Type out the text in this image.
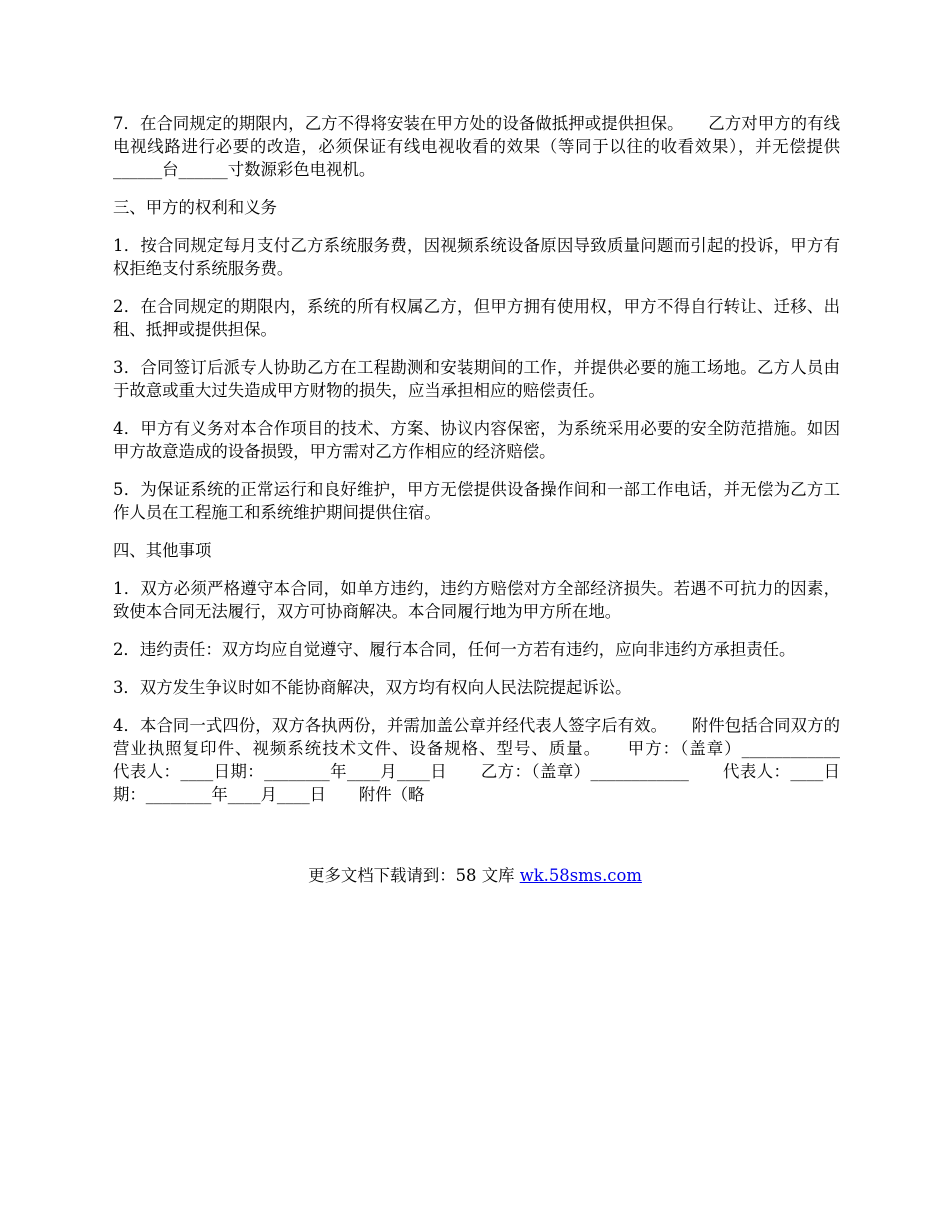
7．在合同规定的期限内，乙方不得将安装在甲方处的设备做抵押或提供担保。　　乙方对甲方的有线电视线路进行必要的改造，必须保证有线电视收看的效果（等同于以往的收看效果），并无偿提供______台______寸数源彩色电视机。

三、甲方的权利和义务

1．按合同规定每月支付乙方系统服务费，因视频系统设备原因导致质量问题而引起的投诉，甲方有权拒绝支付系统服务费。

2．在合同规定的期限内，系统的所有权属乙方，但甲方拥有使用权，甲方不得自行转让、迁移、出租、抵押或提供担保。

3．合同签订后派专人协助乙方在工程勘测和安装期间的工作，并提供必要的施工场地。乙方人员由于故意或重大过失造成甲方财物的损失，应当承担相应的赔偿责任。

4．甲方有义务对本合作项目的技术、方案、协议内容保密，为系统采用必要的安全防范措施。如因甲方故意造成的设备损毁，甲方需对乙方作相应的经济赔偿。

5．为保证系统的正常运行和良好维护，甲方无偿提供设备操作间和一部工作电话，并无偿为乙方工作人员在工程施工和系统维护期间提供住宿。

四、其他事项

1．双方必须严格遵守本合同，如单方违约，违约方赔偿对方全部经济损失。若遇不可抗力的因素，致使本合同无法履行，双方可协商解决。本合同履行地为甲方所在地。

2．违约责任：双方均应自觉遵守、履行本合同，任何一方若有违约，应向非违约方承担责任。

3．双方发生争议时如不能协商解决，双方均有权向人民法院提起诉讼。

4．本合同一式四份，双方各执两份，并需加盖公章并经代表人签字后有效。　　附件包括合同双方的营业执照复印件、视频系统技术文件、设备规格、型号、质量。　　甲方：（盖章）____________　　代表人：____日期：________年____月____日　　乙方：（盖章）____________　　代表人：____日期：________年____月____日　　附件（略

更多文档下载请到：58 文库 wk.58sms.com
